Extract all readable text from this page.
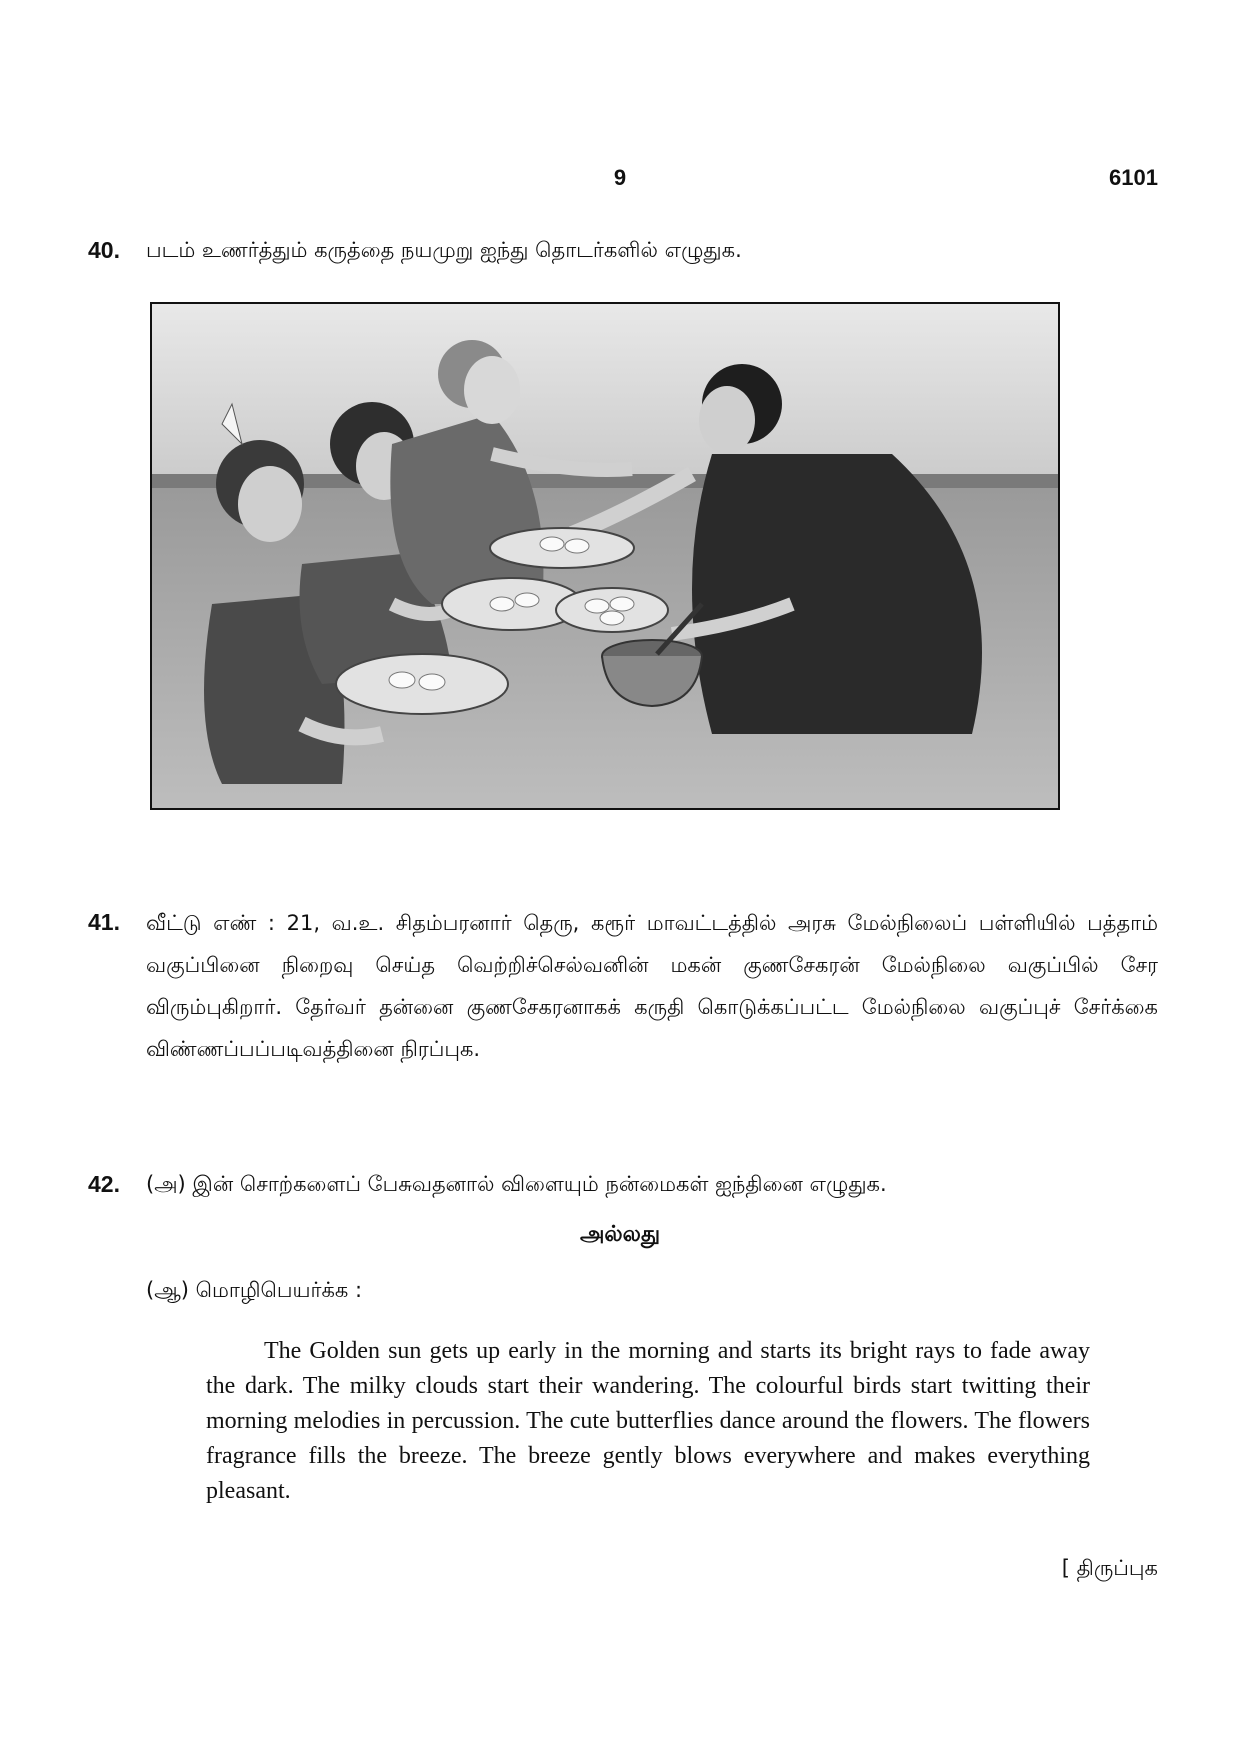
9	6101
40. படம் உணர்த்தும் கருத்தை நயமுறு ஐந்து தொடர்களில் எழுதுக.
41. வீட்டு எண் : 21, வ.உ. சிதம்பரனார் தெரு, கரூர் மாவட்டத்தில் அரசு மேல்நிலைப் பள்ளியில் பத்தாம் வகுப்பினை நிறைவு செய்த வெற்றிச்செல்வனின் மகன் குணசேகரன் மேல்நிலை வகுப்பில் சேர விரும்புகிறார். தேர்வர் தன்னை குணசேகரனாகக் கருதி கொடுக்கப்பட்ட மேல்நிலை வகுப்புச் சேர்க்கை விண்ணப்பப்படிவத்தினை நிரப்புக.
42. (அ) இன் சொற்களைப் பேசுவதனால் விளையும் நன்மைகள் ஐந்தினை எழுதுக.
அல்லது
(ஆ) மொழிபெயர்க்க :
The Golden sun gets up early in the morning and starts its bright rays to fade away the dark. The milky clouds start their wandering. The colourful birds start twitting their morning melodies in percussion. The cute butterflies dance around the flowers. The flowers fragrance fills the breeze. The breeze gently blows everywhere and makes everything pleasant.
[ திருப்புக
